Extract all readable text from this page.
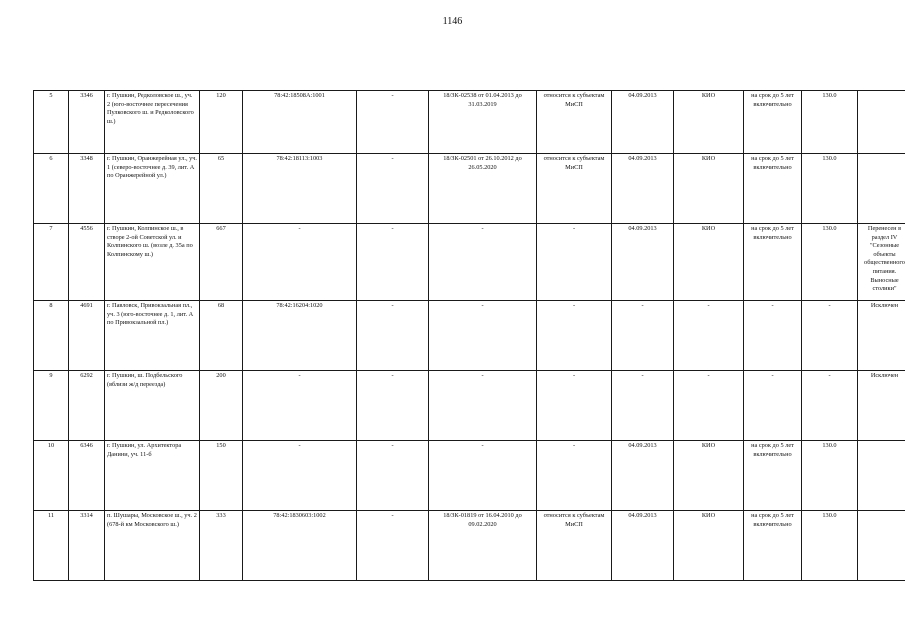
1146
5	3346	г. Пушкин, Редколовское ш., уч. 2 (юго-восточнее пересечения Пулковского ш. и Редколовского ш.)	120	78:42:18508А:1001	-	18/ЗК-02538 от 01.04.2013 до 31.03.2019	относится к субъектам МиСП	04.09.2013	КИО	на срок до 5 лет включительно	130.0	
6	3348	г. Пушкин, Оранжерейная ул., уч. 1 (северо-восточнее д. 39, лит. А по Оранжерейной ул.)	65	78:42:18113:1003	-	18/ЗК-02501 от 26.10.2012 до 26.05.2020	относится к субъектам МиСП	04.09.2013	КИО	на срок до 5 лет включительно	130.0	
7	4556	г. Пушкин, Колпинское ш., в створе 2-ой Советской ул. и Колпинского ш. (возле д. 35а по Колпинскому ш.)	667	-	-	-	-	04.09.2013	КИО	на срок до 5 лет включительно	130.0	Перенесен в раздел IV "Сезонные объекты общественного питания. Выносные столики"
8	4691	г. Павловск, Привокзальная пл., уч. 3 (юго-восточнее д. 1, лит. А по Привокзальной пл.)	68	78:42:16204:1020	-	-	-	-	-	-	-	Исключен
9	6292	г. Пушкин, ш. Подбельского (вблизи ж/д переезда)	200	-	-	-	-	-	-	-	-	Исключен
10	6346	г. Пушкин, ул. Архитектора Данини, уч. 11-б	150	-	-	-	-	04.09.2013	КИО	на срок до 5 лет включительно	130.0	
11	3314	п. Шушары, Московское ш., уч. 2 (678-й км Московского ш.)	333	78:42:1830603:1002	-	18/ЗК-01819 от 16.04.2010 до 09.02.2020	относится к субъектам МиСП	04.09.2013	КИО	на срок до 5 лет включительно	130.0	
